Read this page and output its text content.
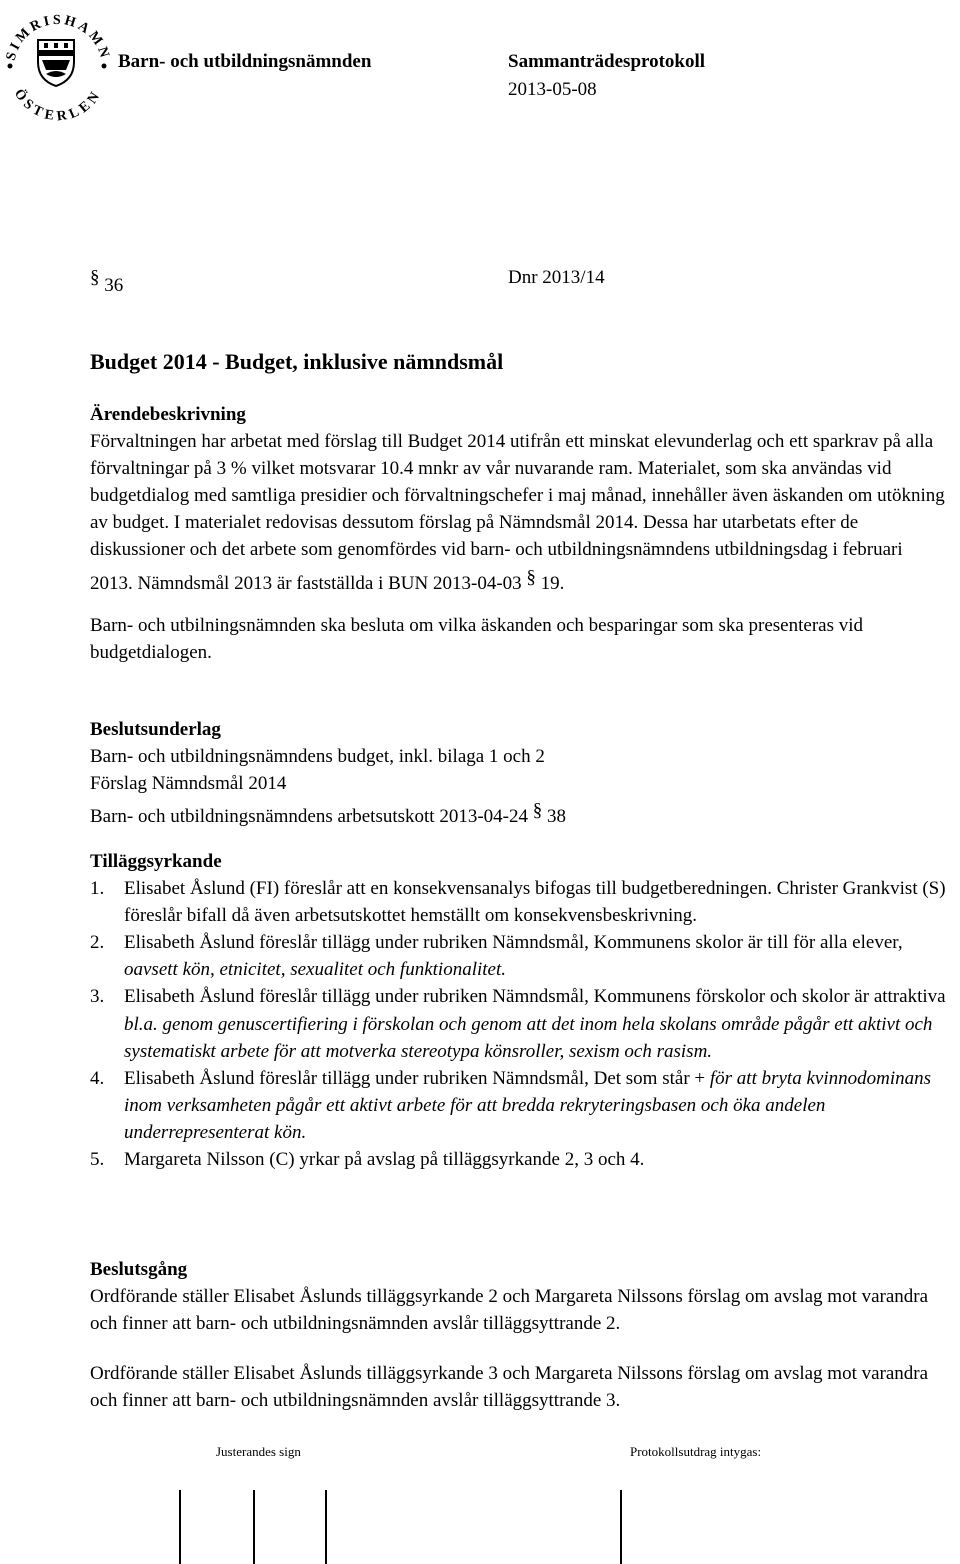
SIMRISHAMN
ÖSTERLEN
Barn- och utbildningsnämnden	Sammanträdesprotokoll
2013-05-08
§ 36	Dnr 2013/14
Budget 2014 - Budget, inklusive nämndsmål

Ärendebeskrivning

Förvaltningen har arbetat med förslag till Budget 2014 utifrån ett minskat elevunderlag och ett sparkrav på alla förvaltningar på 3 % vilket motsvarar 10.4 mnkr av vår nuvarande ram. Materialet, som ska användas vid budgetdialog med samtliga presidier och förvaltningschefer i maj månad, innehåller även äskanden om utökning av budget. I materialet redovisas dessutom förslag på Nämndsmål 2014. Dessa har utarbetats efter de diskussioner och det arbete som genomfördes vid barn- och utbildningsnämndens utbildningsdag i februari 2013. Nämndsmål 2013 är fastställda i BUN 2013-04-03 § 19.

Barn- och utbilningsnämnden ska besluta om vilka äskanden och besparingar som ska presenteras vid budgetdialogen.

Beslutsunderlag

Barn- och utbildningsnämndens budget, inkl. bilaga 1 och 2

Förslag Nämndsmål 2014

Barn- och utbildningsnämndens arbetsutskott 2013-04-24 § 38

Tilläggsyrkande

1. Elisabet Åslund (FI) föreslår att en konsekvensanalys bifogas till budgetberedningen. Christer Grankvist (S) föreslår bifall då även arbetsutskottet hemställt om konsekvensbeskrivning.
2. Elisabeth Åslund föreslår tillägg under rubriken Nämndsmål, Kommunens skolor är till för alla elever, oavsett kön, etnicitet, sexualitet och funktionalitet.
3. Elisabeth Åslund föreslår tillägg under rubriken Nämndsmål, Kommunens förskolor och skolor är attraktiva bl.a. genom genuscertifiering i förskolan och genom att det inom hela skolans område pågår ett aktivt och systematiskt arbete för att motverka stereotypa könsroller, sexism och rasism.
4. Elisabeth Åslund föreslår tillägg under rubriken Nämndsmål, Det som står + för att bryta kvinnodominans inom verksamheten pågår ett aktivt arbete för att bredda rekryteringsbasen och öka andelen underrepresenterat kön.
5. Margareta Nilsson (C) yrkar på avslag på tilläggsyrkande 2, 3 och 4.

Beslutsgång

Ordförande ställer Elisabet Åslunds tilläggsyrkande 2 och Margareta Nilssons förslag om avslag mot varandra och finner att barn- och utbildningsnämnden avslår tilläggsyttrande 2.

Ordförande ställer Elisabet Åslunds tilläggsyrkande 3 och Margareta Nilssons förslag om avslag mot varandra och finner att barn- och utbildningsnämnden avslår tilläggsyttrande 3.

Justerandes sign	Protokollsutdrag intygas:
